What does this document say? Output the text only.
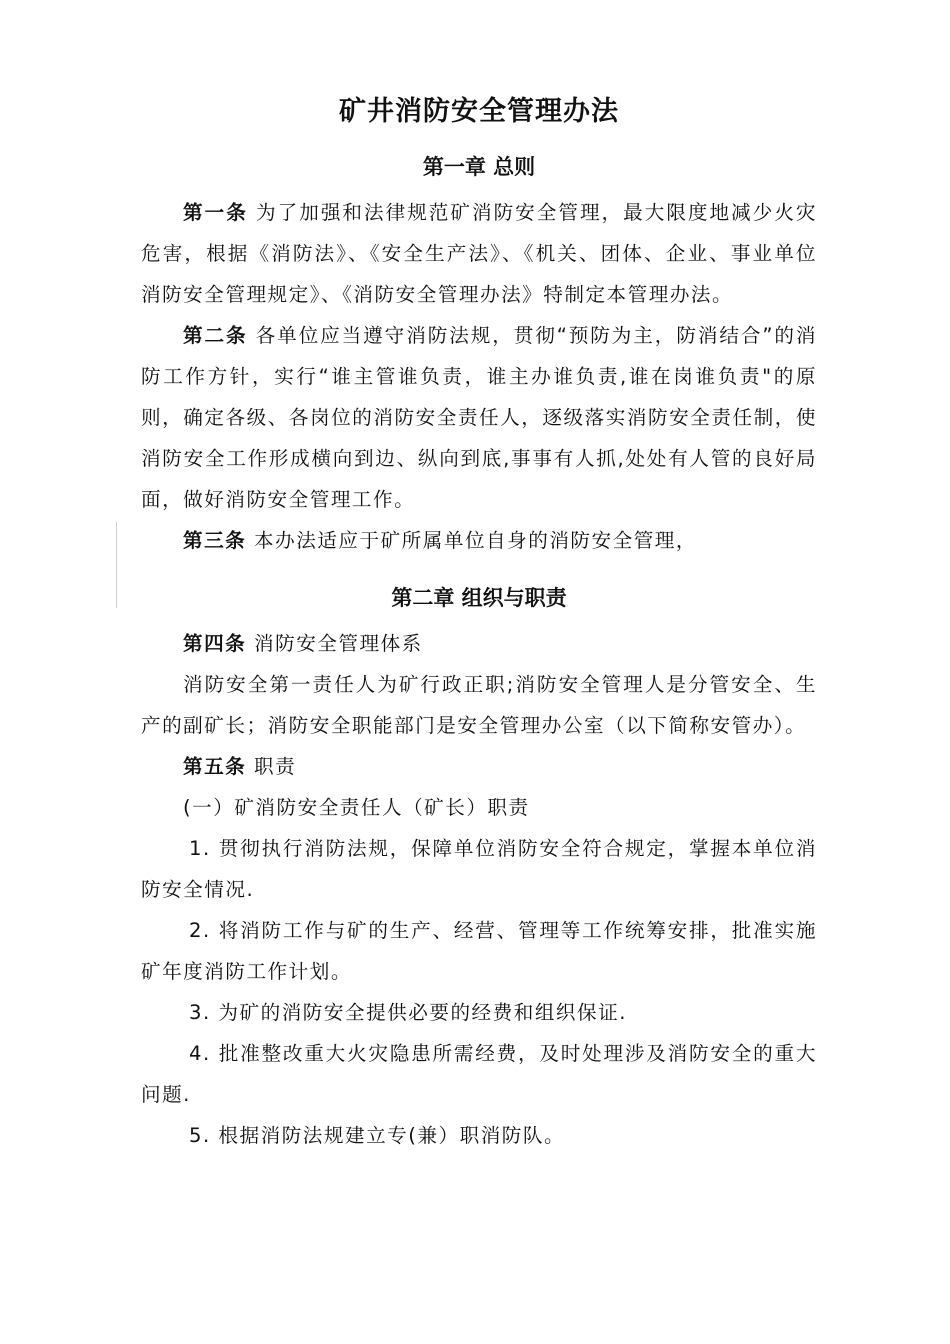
矿井消防安全管理办法
第一章 总则

第一条 为了加强和法律规范矿消防安全管理，最大限度地减少火灾危害，根据《消防法》、《安全生产法》、《机关、团体、企业、事业单位消防安全管理规定》、《消防安全管理办法》特制定本管理办法。

第二条 各单位应当遵守消防法规，贯彻“预防为主，防消结合”的消防工作方针，实行“谁主管谁负责，谁主办谁负责,谁在岗谁负责"的原则，确定各级、各岗位的消防安全责任人，逐级落实消防安全责任制，使消防安全工作形成横向到边、纵向到底,事事有人抓,处处有人管的良好局面，做好消防安全管理工作。

第三条 本办法适应于矿所属单位自身的消防安全管理，

第二章 组织与职责

第四条 消防安全管理体系

消防安全第一责任人为矿行政正职;消防安全管理人是分管安全、生产的副矿长；消防安全职能部门是安全管理办公室（以下简称安管办）。

第五条 职责

(一）矿消防安全责任人（矿长）职责

1. 贯彻执行消防法规，保障单位消防安全符合规定，掌握本单位消防安全情况.

2. 将消防工作与矿的生产、经营、管理等工作统筹安排，批准实施矿年度消防工作计划。

3. 为矿的消防安全提供必要的经费和组织保证.

4. 批准整改重大火灾隐患所需经费，及时处理涉及消防安全的重大问题.

5. 根据消防法规建立专(兼）职消防队。
